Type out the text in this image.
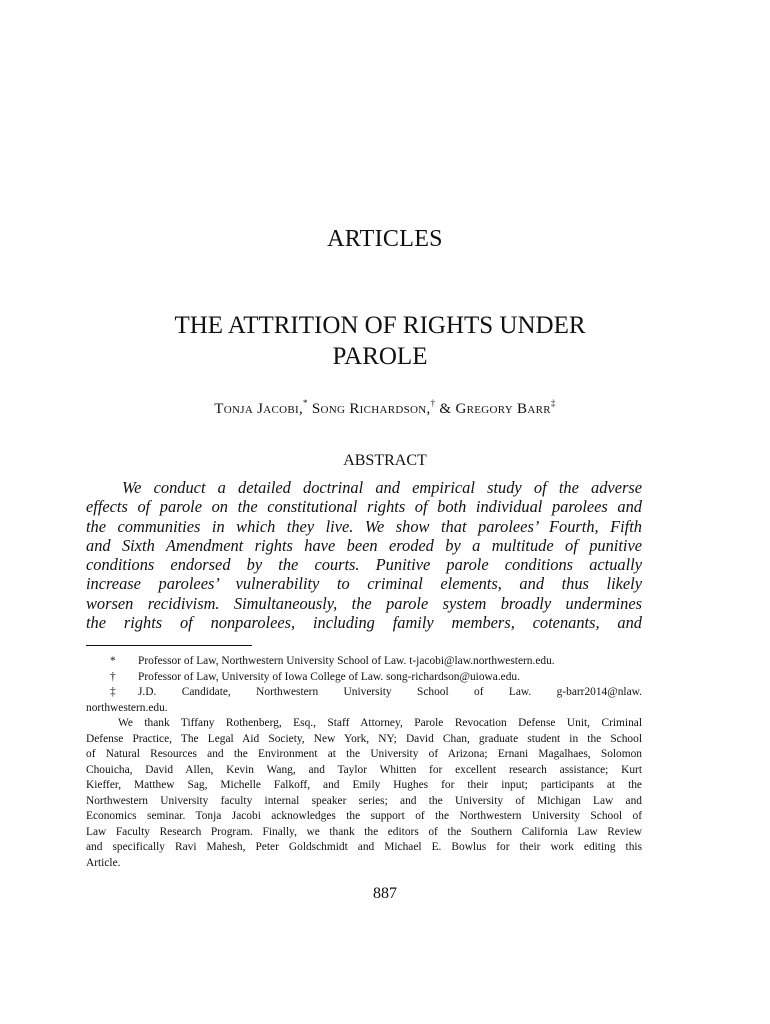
ARTICLES
THE ATTRITION OF RIGHTS UNDER
PAROLE
Tonja Jacobi,* Song Richardson,† & Gregory Barr‡
ABSTRACT
We conduct a detailed doctrinal and empirical study of the adverse
effects of parole on the constitutional rights of both individual parolees and
the communities in which they live. We show that parolees’ Fourth, Fifth
and Sixth Amendment rights have been eroded by a multitude of punitive
conditions endorsed by the courts. Punitive parole conditions actually
increase parolees’ vulnerability to criminal elements, and thus likely
worsen recidivism. Simultaneously, the parole system broadly undermines
the rights of nonparolees, including family members, cotenants, and
*	Professor of Law, Northwestern University School of Law. t-jacobi@law.northwestern.edu.
†	Professor of Law, University of Iowa College of Law. song-richardson@uiowa.edu.
‡	J.D. Candidate, Northwestern University School of Law. g-barr2014@nlaw.
northwestern.edu.
We thank Tiffany Rothenberg, Esq., Staff Attorney, Parole Revocation Defense Unit, Criminal
Defense Practice, The Legal Aid Society, New York, NY; David Chan, graduate student in the School
of Natural Resources and the Environment at the University of Arizona; Ernani Magalhaes, Solomon
Chouicha, David Allen, Kevin Wang, and Taylor Whitten for excellent research assistance; Kurt
Kieffer, Matthew Sag, Michelle Falkoff, and Emily Hughes for their input; participants at the
Northwestern University faculty internal speaker series; and the University of Michigan Law and
Economics seminar. Tonja Jacobi acknowledges the support of the Northwestern University School of
Law Faculty Research Program. Finally, we thank the editors of the Southern California Law Review
and specifically Ravi Mahesh, Peter Goldschmidt and Michael E. Bowlus for their work editing this
Article.
887
